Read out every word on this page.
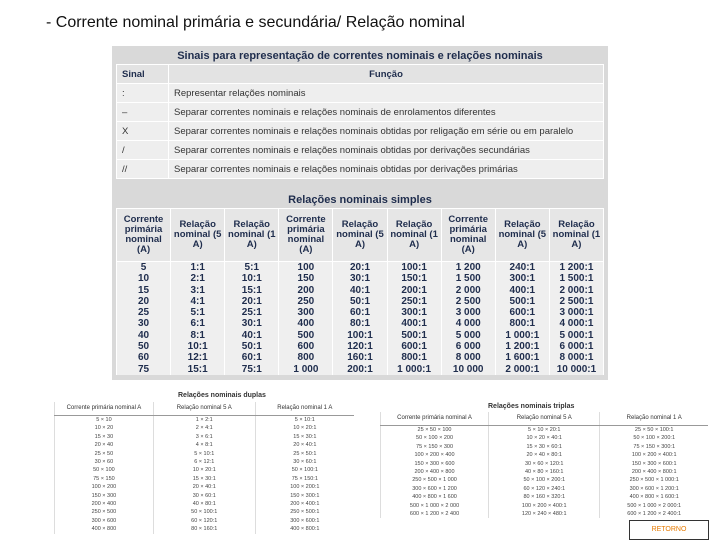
- Corrente nominal primária e secundária/ Relação nominal
Sinais para representação de correntes nominais e relações nominais
Sinal	Função
:	Representar relações nominais
–	Separar correntes nominais e relações nominais de enrolamentos diferentes
X	Separar correntes nominais e relações nominais obtidas por religação em série ou em paralelo
/	Separar correntes nominais e relações nominais obtidas por derivações secundárias
//	Separar correntes nominais e relações nominais obtidas por derivações primárias
Relações nominais simples
Corrente primária nominal (A)	Relação nominal (5 A)	Relação nominal (1 A)	Corrente primária nominal (A)	Relação nominal (5 A)	Relação nominal (1 A)	Corrente primária nominal (A)	Relação nominal (5 A)	Relação nominal (1 A)
5	1:1	5:1	100	20:1	100:1	1 200	240:1	1 200:1
10	2:1	10:1	150	30:1	150:1	1 500	300:1	1 500:1
15	3:1	15:1	200	40:1	200:1	2 000	400:1	2 000:1
20	4:1	20:1	250	50:1	250:1	2 500	500:1	2 500:1
25	5:1	25:1	300	60:1	300:1	3 000	600:1	3 000:1
30	6:1	30:1	400	80:1	400:1	4 000	800:1	4 000:1
40	8:1	40:1	500	100:1	500:1	5 000	1 000:1	5 000:1
50	10:1	50:1	600	120:1	600:1	6 000	1 200:1	6 000:1
60	12:1	60:1	800	160:1	800:1	8 000	1 600:1	8 000:1
75	15:1	75:1	1 000	200:1	1 000:1	10 000	2 000:1	10 000:1
Relações nominais duplas
Corrente primária nominal A	Relação nominal 5 A	Relação nominal 1 A
5 × 10	1 × 2:1	5 × 10:1
10 × 20	2 × 4:1	10 × 20:1
15 × 30	3 × 6:1	15 × 30:1
20 × 40	4 × 8:1	20 × 40:1
25 × 50	5 × 10:1	25 × 50:1
30 × 60	6 × 12:1	30 × 60:1
50 × 100	10 × 20:1	50 × 100:1
75 × 150	15 × 30:1	75 × 150:1
100 × 200	20 × 40:1	100 × 200:1
150 × 300	30 × 60:1	150 × 300:1
200 × 400	40 × 80:1	200 × 400:1
250 × 500	50 × 100:1	250 × 500:1
300 × 600	60 × 120:1	300 × 600:1
400 × 800	80 × 160:1	400 × 800:1
Relações nominais triplas
Corrente primária nominal A	Relação nominal 5 A	Relação nominal 1 A
25 × 50 × 100	5 × 10 × 20:1	25 × 50 × 100:1
50 × 100 × 200	10 × 20 × 40:1	50 × 100 × 200:1
75 × 150 × 300	15 × 30 × 60:1	75 × 150 × 300:1
100 × 200 × 400	20 × 40 × 80:1	100 × 200 × 400:1
150 × 300 × 600	30 × 60 × 120:1	150 × 300 × 600:1
200 × 400 × 800	40 × 80 × 160:1	200 × 400 × 800:1
250 × 500 × 1 000	50 × 100 × 200:1	250 × 500 × 1 000:1
300 × 600 × 1 200	60 × 120 × 240:1	300 × 600 × 1 200:1
400 × 800 × 1 600	80 × 160 × 320:1	400 × 800 × 1 600:1
500 × 1 000 × 2 000	100 × 200 × 400:1	500 × 1 000 × 2 000:1
600 × 1 200 × 2 400	120 × 240 × 480:1	600 × 1 200 × 2 400:1
RETORNO
